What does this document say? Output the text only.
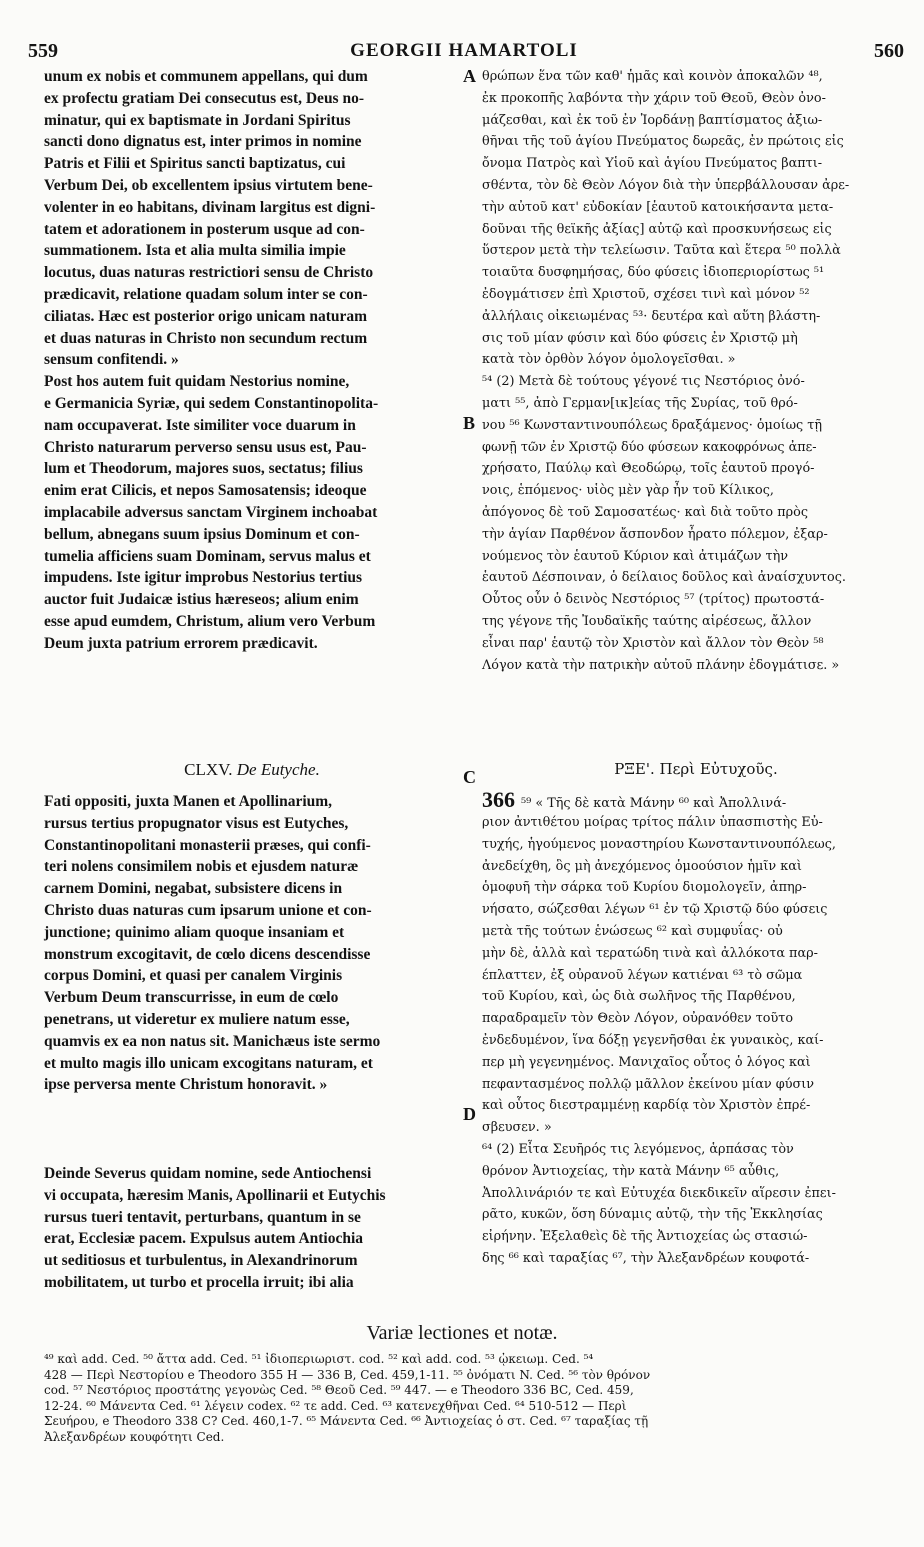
559	GEORGII HAMARTOLI	560

unum ex nobis et communem appellans, qui dum

ex profectu gratiam Dei consecutus est, Deus no-

minatur, qui ex baptismate in Jordani Spiritus

sancti dono dignatus est, inter primos in nomine

Patris et Filii et Spiritus sancti baptizatus, cui

Verbum Dei, ob excellentem ipsius virtutem bene-

volenter in eo habitans, divinam largitus est digni-

tatem et adorationem in posterum usque ad con-

summationem. Ista et alia multa similia impie

locutus, duas naturas restrictiori sensu de Christo

prædicavit, relatione quadam solum inter se con-

ciliatas. Hæc est posterior origo unicam naturam

et duas naturas in Christo non secundum rectum

sensum confitendi. »

Post hos autem fuit quidam Nestorius nomine,

e Germanicia Syriæ, qui sedem Constantinopolita-

nam occupaverat. Iste similiter voce duarum in

Christo naturarum perverso sensu usus est, Pau-

lum et Theodorum, majores suos, sectatus; filius

enim erat Cilicis, et nepos Samosatensis; ideoque

implacabile adversus sanctam Virginem inchoabat

bellum, abnegans suum ipsius Dominum et con-

tumelia afficiens suam Dominam, servus malus et

impudens. Iste igitur improbus Nestorius tertius

auctor fuit Judaicæ istius hæreseos; alium enim

esse apud eumdem, Christum, alium vero Verbum

Deum juxta patrium errorem prædicavit.

θρώπων ἕνα τῶν καθ' ἡμᾶς καὶ κοινὸν ἀποκαλῶν ⁴⁸,

ἐκ προκοπῆς λαβόντα τὴν χάριν τοῦ Θεοῦ, Θεὸν ὀνο-

μάζεσθαι, καὶ ἐκ τοῦ ἐν Ἰορδάνῃ βαπτίσματος ἀξιω-

θῆναι τῆς τοῦ ἁγίου Πνεύματος δωρεᾶς, ἐν πρώτοις εἰς

ὄνομα Πατρὸς καὶ Υἱοῦ καὶ ἁγίου Πνεύματος βαπτι-

σθέντα, τὸν δὲ Θεὸν Λόγον διὰ τὴν ὑπερβάλλουσαν ἀρε-

τὴν αὐτοῦ κατ' εὐδοκίαν [ἑαυτοῦ κατοικήσαντα μετα-

δοῦναι τῆς θεϊκῆς ἀξίας] αὐτῷ καὶ προσκυνήσεως εἰς

ὕστερον μετὰ τὴν τελείωσιν. Ταῦτα καὶ ἕτερα ⁵⁰ πολλὰ

τοιαῦτα δυσφημήσας, δύο φύσεις ἰδιοπεριορίστως ⁵¹

ἐδογμάτισεν ἐπὶ Χριστοῦ, σχέσει τινὶ καὶ μόνον ⁵²

ἀλλήλαις οἰκειωμένας ⁵³· δευτέρα καὶ αὕτη βλάστη-

σις τοῦ μίαν φύσιν καὶ δύο φύσεις ἐν Χριστῷ μὴ

κατὰ τὸν ὀρθὸν λόγον ὁμολογεῖσθαι. »

⁵⁴ (2) Μετὰ δὲ τούτους γέγονέ τις Νεστόριος ὀνό-

ματι ⁵⁵, ἀπὸ Γερμαν[ικ]είας τῆς Συρίας, τοῦ θρό-

νου ⁵⁶ Κωνσταντινουπόλεως δραξάμενος· ὁμοίως τῇ

φωνῇ τῶν ἐν Χριστῷ δύο φύσεων κακοφρόνως ἀπε-

χρήσατο, Παύλῳ καὶ Θεοδώρῳ, τοῖς ἑαυτοῦ προγό-

νοις, ἑπόμενος· υἱὸς μὲν γὰρ ἦν τοῦ Κίλικος,

ἀπόγονος δὲ τοῦ Σαμοσατέως· καὶ διὰ τοῦτο πρὸς

τὴν ἁγίαν Παρθένον ἄσπονδον ἦρατο πόλεμον, ἐξαρ-

νούμενος τὸν ἑαυτοῦ Κύριον καὶ ἀτιμάζων τὴν

ἑαυτοῦ Δέσποιναν, ὁ δείλαιος δοῦλος καὶ ἀναίσχυντος.

Οὗτος οὖν ὁ δεινὸς Νεστόριος ⁵⁷ (τρίτος) πρωτοστά-

της γέγονε τῆς Ἰουδαϊκῆς ταύτης αἱρέσεως, ἄλλον

εἶναι παρ' ἑαυτῷ τὸν Χριστὸν καὶ ἄλλον τὸν Θεὸν ⁵⁸

Λόγον κατὰ τὴν πατρικὴν αὐτοῦ πλάνην ἐδογμάτισε. »

A
B
C
D
CLXV. De Eutyche.	ΡΞΕ'. Περὶ Εὐτυχοῦς.

Fati oppositi, juxta Manen et Apollinarium,

rursus tertius propugnator visus est Eutyches,

Constantinopolitani monasterii præses, qui confi-

teri nolens consimilem nobis et ejusdem naturæ

carnem Domini, negabat, subsistere dicens in

Christo duas naturas cum ipsarum unione et con-

junctione; quinimo aliam quoque insaniam et

monstrum excogitavit, de cœlo dicens descendisse

corpus Domini, et quasi per canalem Virginis

Verbum Deum transcurrisse, in eum de cœlo

penetrans, ut videretur ex muliere natum esse,

quamvis ex ea non natus sit. Manichæus iste sermo

et multo magis illo unicam excogitans naturam, et

ipse perversa mente Christum honoravit. »

366 ⁵⁹ « Τῆς δὲ κατὰ Μάνην ⁶⁰ καὶ Ἀπολλινά-

ριον ἀντιθέτου μοίρας τρίτος πάλιν ὑπασπιστὴς Εὐ-

τυχής, ἡγούμενος μοναστηρίου Κωνσταντινουπόλεως,

ἀνεδείχθη, ὃς μὴ ἀνεχόμενος ὁμοούσιον ἡμῖν καὶ

ὁμοφυῆ τὴν σάρκα τοῦ Κυρίου διομολογεῖν, ἀπηρ-

νήσατο, σώζεσθαι λέγων ⁶¹ ἐν τῷ Χριστῷ δύο φύσεις

μετὰ τῆς τούτων ἑνώσεως ⁶² καὶ συμφυΐας· οὐ

μὴν δὲ, ἀλλὰ καὶ τερατώδη τινὰ καὶ ἀλλόκοτα παρ-

έπλαττεν, ἐξ οὐρανοῦ λέγων κατιέναι ⁶³ τὸ σῶμα

τοῦ Κυρίου, καὶ, ὡς διὰ σωλῆνος τῆς Παρθένου,

παραδραμεῖν τὸν Θεὸν Λόγον, οὐρανόθεν τοῦτο

ἐνδεδυμένον, ἵνα δόξῃ γεγενῆσθαι ἐκ γυναικὸς, καί-

περ μὴ γεγενημένος. Μανιχαῖος οὗτος ὁ λόγος καὶ

πεφαντασμένος πολλῷ μᾶλλον ἐκείνου μίαν φύσιν

καὶ οὗτος διεστραμμένῃ καρδίᾳ τὸν Χριστὸν ἐπρέ-

σβευσεν. »

⁶⁴ (2) Εἶτα Σευῆρός τις λεγόμενος, ἁρπάσας τὸν

θρόνον Ἀντιοχείας, τὴν κατὰ Μάνην ⁶⁵ αὖθις,

Ἀπολλινάριόν τε καὶ Εὐτυχέα διεκδικεῖν αἵρεσιν ἐπει-

ρᾶτο, κυκῶν, ὅση δύναμις αὐτῷ, τὴν τῆς Ἐκκλησίας

εἰρήνην. Ἐξελαθεὶς δὲ τῆς Ἀντιοχείας ὡς στασιώ-

δης ⁶⁶ καὶ ταραξίας ⁶⁷, τὴν Ἀλεξανδρέων κουφοτά-

Deinde Severus quidam nomine, sede Antiochensi

vi occupata, hæresim Manis, Apollinarii et Eutychis

rursus tueri tentavit, perturbans, quantum in se

erat, Ecclesiæ pacem. Expulsus autem Antiochia

ut seditiosus et turbulentus, in Alexandrinorum

mobilitatem, ut turbo et procella irruit; ibi alia

Variæ lectiones et notæ.

⁴⁹ καὶ add. Ced. ⁵⁰ ἄττα add. Ced. ⁵¹ ἰδιοπεριωριστ. cod. ⁵² καὶ add. cod. ⁵³ ᾠκειωμ. Ced. ⁵⁴

428 — Περὶ Νεστορίου e Theodoro 355 H — 336 B, Ced. 459,1-11. ⁵⁵ ὀνόματι N. Ced. ⁵⁶ τὸν θρόνον

cod. ⁵⁷ Νεστόριος προστάτης γεγονὼς Ced. ⁵⁸ Θεοῦ Ced. ⁵⁹ 447. — e Theodoro 336 BC, Ced. 459,

12-24. ⁶⁰ Μάνεντα Ced. ⁶¹ λέγειν codex. ⁶² τε add. Ced. ⁶³ κατενεχθῆναι Ced. ⁶⁴ 510-512 — Περὶ

Σευήρου, e Theodoro 338 C? Ced. 460,1-7. ⁶⁵ Μάνεντα Ced. ⁶⁶ Ἀντιοχείας ὁ στ. Ced. ⁶⁷ ταραξίας τῇ

Ἀλεξανδρέων κουφότητι Ced.
